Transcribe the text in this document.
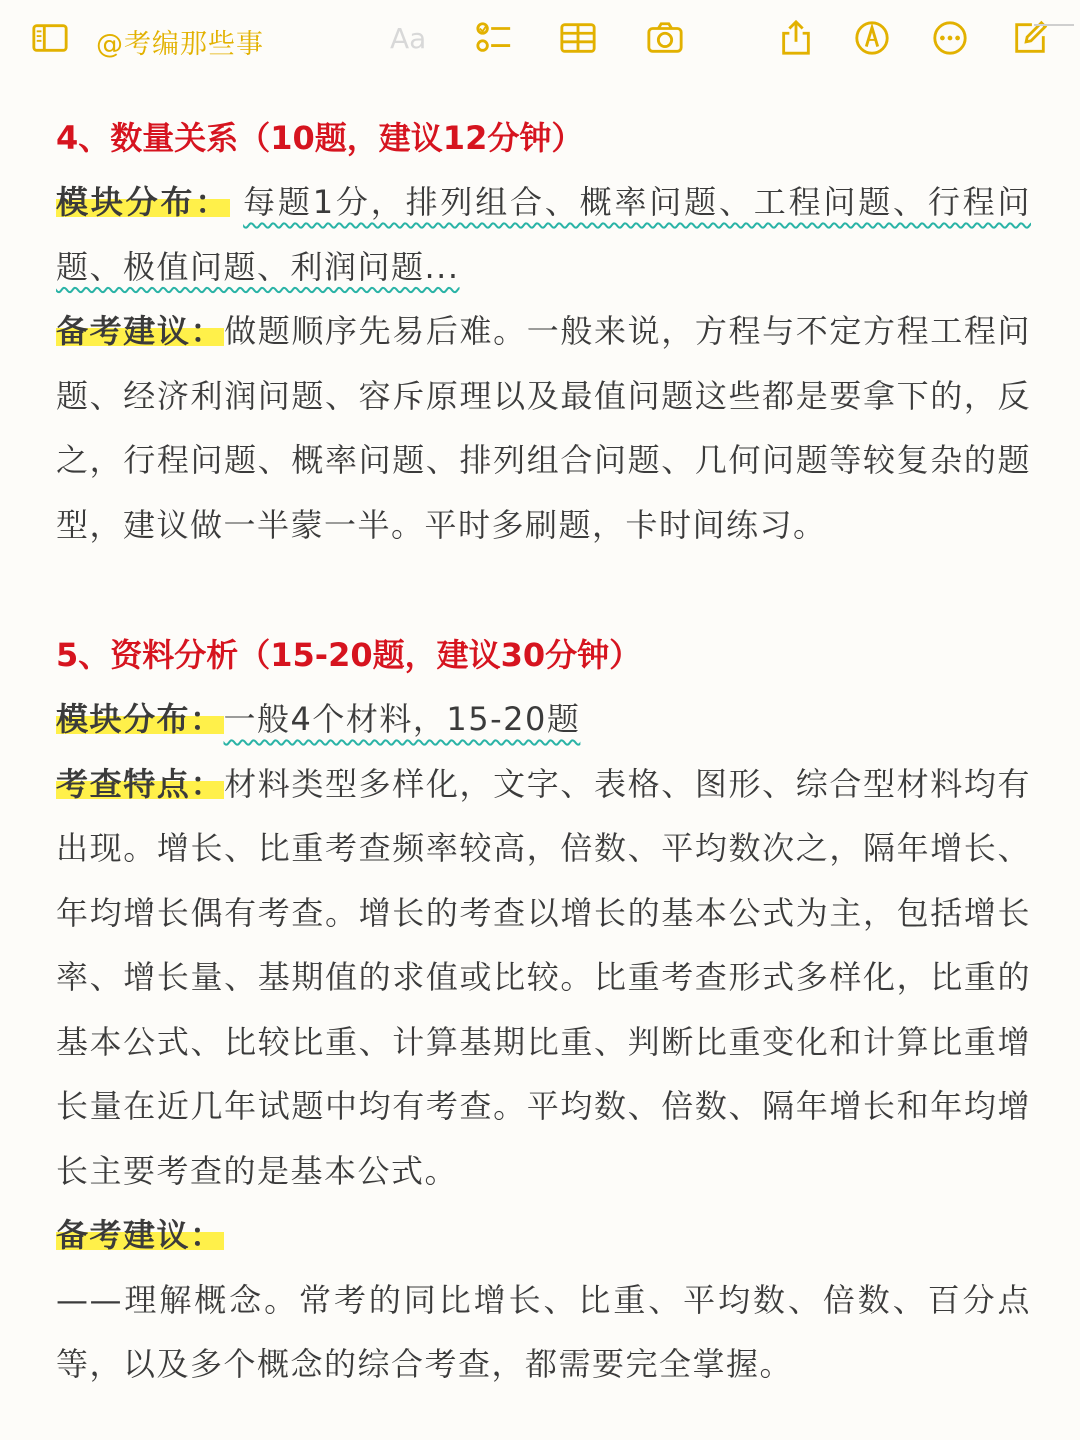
@考编那些事	Aa
4、数量关系（10题，建议12分钟）
模块分布： 每题1分，排列组合、概率问题、工程问题、行程问题、极值问题、利润问题...
备考建议：做题顺序先易后难。一般来说，方程与不定方程工程问题、经济利润问题、容斥原理以及最值问题这些都是要拿下的，反之，行程问题、概率问题、排列组合问题、几何问题等较复杂的题型，建议做一半蒙一半。平时多刷题，卡时间练习。
5、资料分析（15-20题，建议30分钟）
模块分布：一般4个材料，15-20题
考查特点：材料类型多样化，文字、表格、图形、综合型材料均有出现。增长、比重考查频率较高，倍数、平均数次之，隔年增长、年均增长偶有考查。增长的考查以增长的基本公式为主，包括增长率、增长量、基期值的求值或比较。比重考查形式多样化，比重的基本公式、比较比重、计算基期比重、判断比重变化和计算比重增长量在近几年试题中均有考查。平均数、倍数、隔年增长和年均增长主要考查的是基本公式。
备考建议：
——理解概念。常考的同比增长、比重、平均数、倍数、百分点等，以及多个概念的综合考查，都需要完全掌握。
